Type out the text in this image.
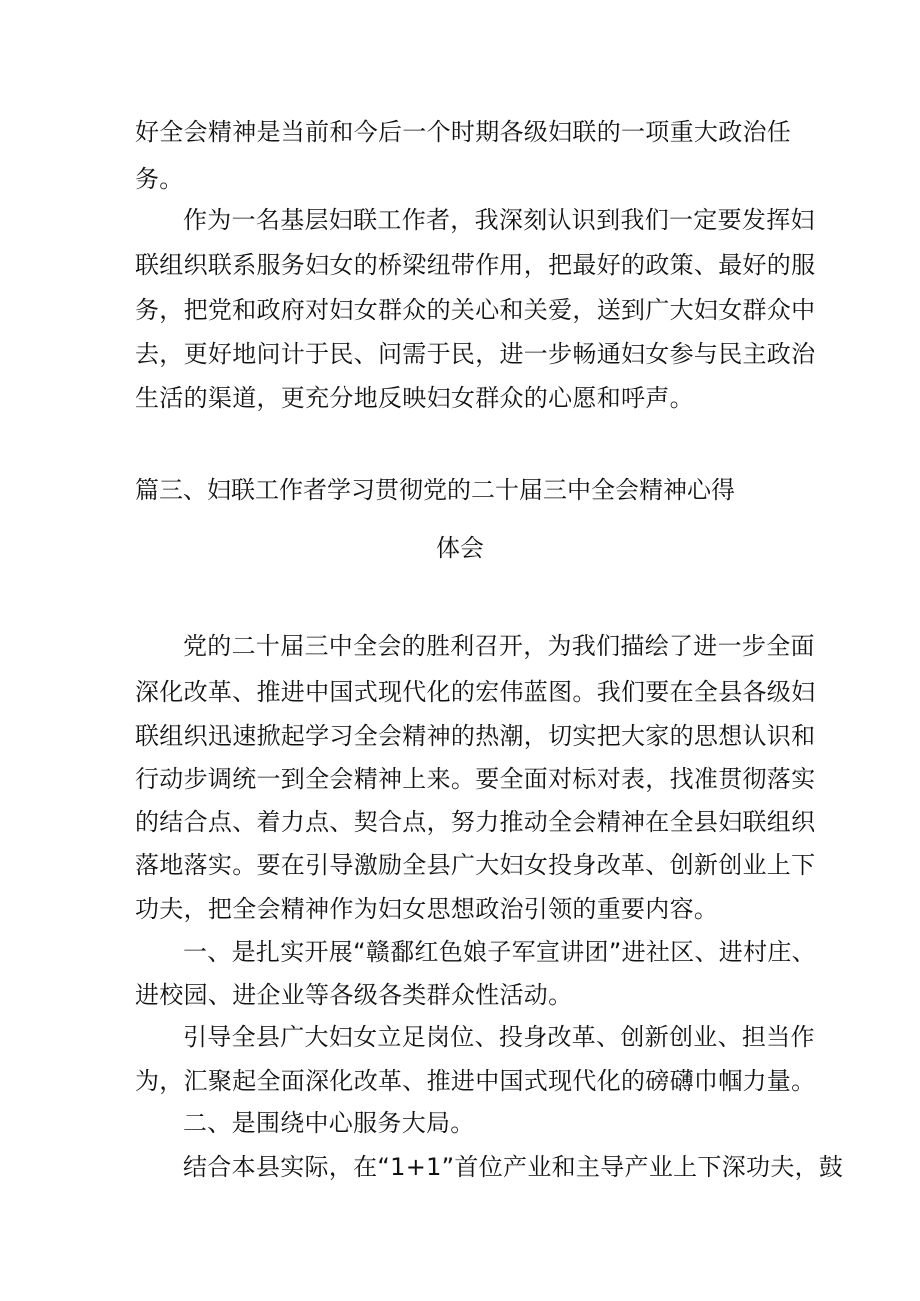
好全会精神是当前和今后一个时期各级妇联的一项重大政治任
务。
作为一名基层妇联工作者，我深刻认识到我们一定要发挥妇
联组织联系服务妇女的桥梁纽带作用，把最好的政策、最好的服
务，把党和政府对妇女群众的关心和关爱，送到广大妇女群众中
去，更好地问计于民、问需于民，进一步畅通妇女参与民主政治
生活的渠道，更充分地反映妇女群众的心愿和呼声。
篇三、妇联工作者学习贯彻党的二十届三中全会精神心得
体会
党的二十届三中全会的胜利召开，为我们描绘了进一步全面
深化改革、推进中国式现代化的宏伟蓝图。我们要在全县各级妇
联组织迅速掀起学习全会精神的热潮，切实把大家的思想认识和
行动步调统一到全会精神上来。要全面对标对表，找准贯彻落实
的结合点、着力点、契合点，努力推动全会精神在全县妇联组织
落地落实。要在引导激励全县广大妇女投身改革、创新创业上下
功夫，把全会精神作为妇女思想政治引领的重要内容。
一、是扎实开展“赣鄱红色娘子军宣讲团”进社区、进村庄、
进校园、进企业等各级各类群众性活动。
引导全县广大妇女立足岗位、投身改革、创新创业、担当作
为，汇聚起全面深化改革、推进中国式现代化的磅礴巾帼力量。
二、是围绕中心服务大局。
结合本县实际，在“1+1”首位产业和主导产业上下深功夫，鼓
